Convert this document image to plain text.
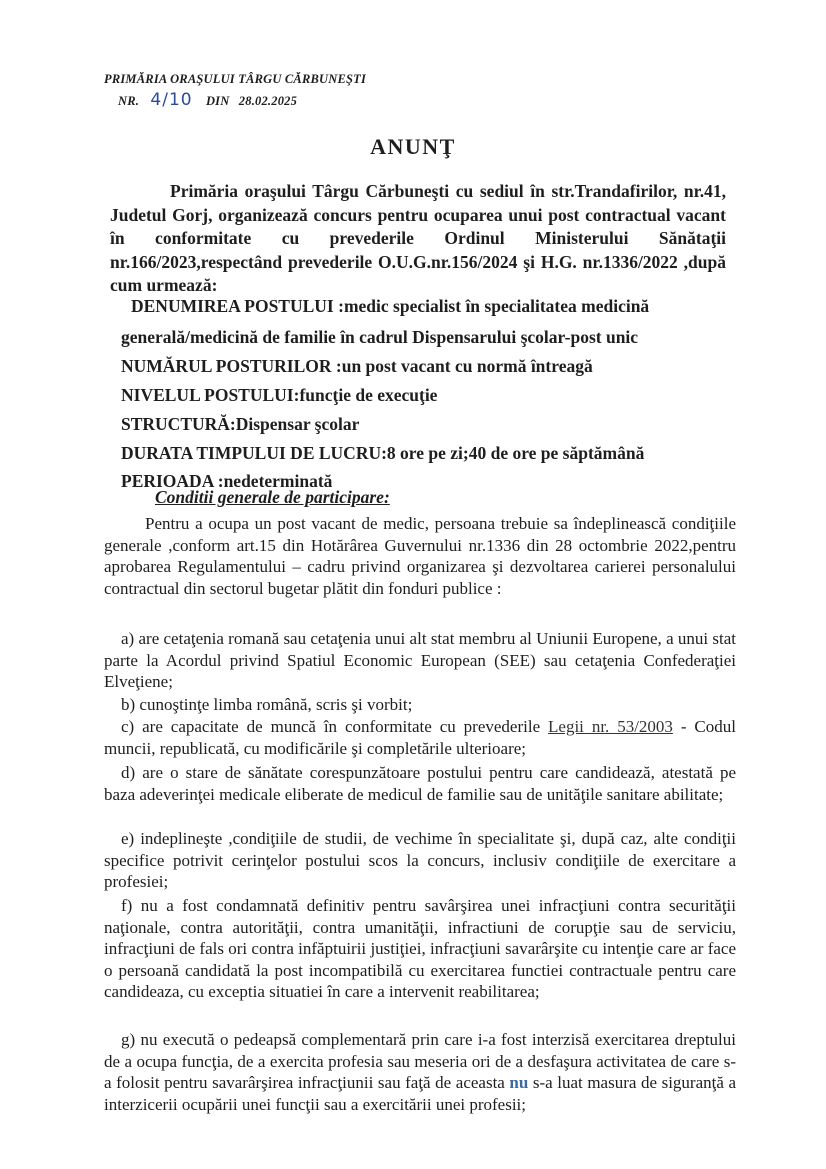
PRIMĂRIA ORAŞULUI TÂRGU CĂRBUNEŞTI
NR. 4/10 DIN 28.02.2025
ANUNŢ
Primăria oraşului Târgu Cărbuneşti cu sediul în str.Trandafirilor, nr.41, Judetul Gorj, organizează concurs pentru ocuparea unui post contractual vacant în conformitate cu prevederile Ordinul Ministerului Sănătaţii nr.166/2023,respectând prevederile O.U.G.nr.156/2024 şi H.G. nr.1336/2022 ,după cum urmează:
DENUMIREA POSTULUI :medic specialist în specialitatea medicină
generală/medicină de familie în cadrul Dispensarului şcolar-post unic
NUMĂRUL POSTURILOR :un post vacant cu normă întreagă
NIVELUL POSTULUI:funcţie de execuţie
STRUCTURĂ:Dispensar şcolar
DURATA TIMPULUI DE LUCRU:8 ore pe zi;40 de ore pe săptămână
PERIOADA :nedeterminată
Conditii generale de participare:

Pentru a ocupa un post vacant de medic, persoana trebuie sa îndeplinească condiţiile generale ,conform art.15 din Hotărârea Guvernului nr.1336 din 28 octombrie 2022,pentru aprobarea Regulamentului – cadru privind organizarea şi dezvoltarea carierei personalului contractual din sectorul bugetar plătit din fonduri publice :

a) are cetaţenia romană sau cetaţenia unui alt stat membru al Uniunii Europene, a unui stat parte la Acordul privind Spatiul Economic European (SEE) sau cetaţenia Confederaţiei Elveţiene;

b) cunoştinţe limba română, scris şi vorbit;

c) are capacitate de muncă în conformitate cu prevederile Legii nr. 53/2003 - Codul muncii, republicată, cu modificările şi completările ulterioare;

d) are o stare de sănătate corespunzătoare postului pentru care candidează, atestată pe baza adeverinţei medicale eliberate de medicul de familie sau de unităţile sanitare abilitate;

e) indeplineşte ,condiţiile de studii, de vechime în specialitate şi, după caz, alte condiţii specifice potrivit cerinţelor postului scos la concurs, inclusiv condiţiile de exercitare a profesiei;

f) nu a fost condamnată definitiv pentru savârşirea unei infracţiuni contra securităţii naţionale, contra autorităţii, contra umanităţii, infractiuni de corupţie sau de serviciu, infracţiuni de fals ori contra infăptuirii justiţiei, infracţiuni savarârşite cu intenţie care ar face o persoană candidată la post incompatibilă cu exercitarea functiei contractuale pentru care candideaza, cu exceptia situatiei în care a intervenit reabilitarea;

g) nu execută o pedeapsă complementară prin care i-a fost interzisă exercitarea dreptului de a ocupa funcţia, de a exercita profesia sau meseria ori de a desfaşura activitatea de care s-a folosit pentru savarârşirea infracţiunii sau faţă de aceasta nu s-a luat masura de siguranţă a interzicerii ocupării unei funcţii sau a exercitării unei profesii;
